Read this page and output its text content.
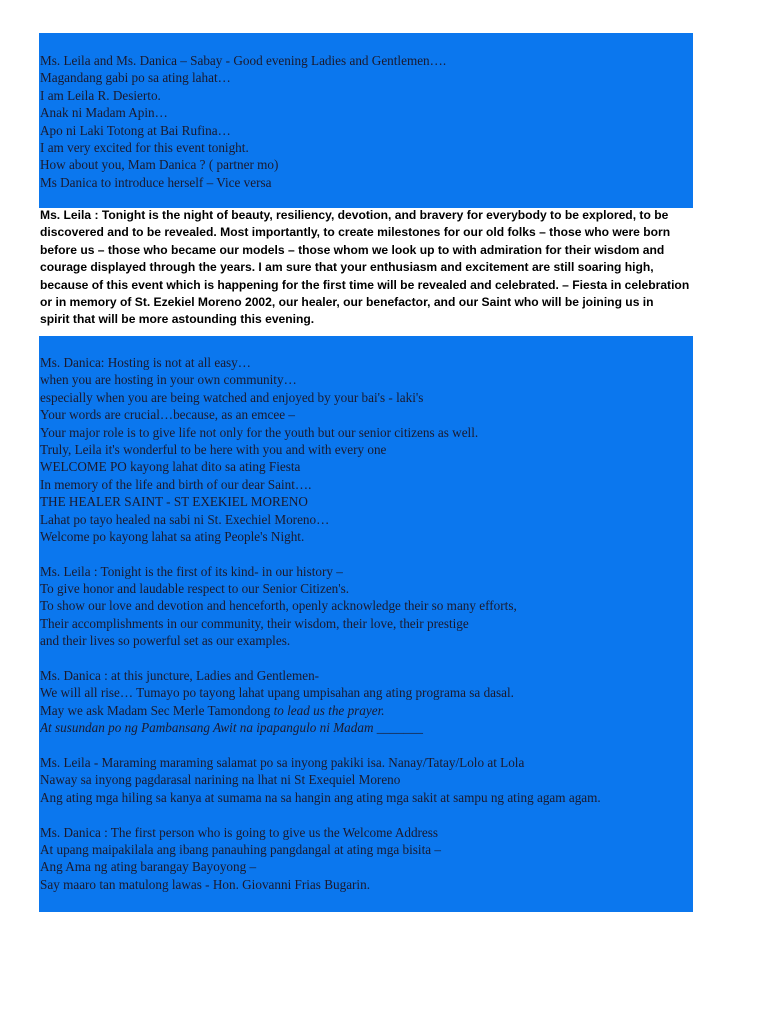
Ms. Leila and Ms. Danica – Sabay - Good evening Ladies and Gentlemen….
Magandang gabi po sa ating lahat…
I am Leila R. Desierto.
Anak ni Madam Apin…
Apo ni Laki Totong at Bai Rufina…
I am very excited for this event tonight.
How about you, Mam Danica ? ( partner mo)
Ms Danica to introduce herself – Vice versa
Ms. Leila : Tonight is the night of beauty, resiliency, devotion, and bravery for everybody to be explored, to be
discovered and to be revealed. Most importantly, to create milestones for our old folks – those who were born
before us – those who became our models – those whom we look up to with admiration for their wisdom and
courage displayed through the years. I am sure that your enthusiasm and excitement are still soaring high,
because of this event which is happening for the first time will be revealed and celebrated. – Fiesta in celebration
or in memory of St. Ezekiel Moreno 2002, our healer, our benefactor, and our Saint who will be joining us in
spirit that will be more astounding this evening.
Ms. Danica: Hosting is not at all easy…
when you are hosting in your own community…
especially when you are being watched and enjoyed by your bai's - laki's
Your words are crucial…because, as an emcee –
Your major role is to give life not only for the youth but our senior citizens as well.
Truly, Leila it's wonderful to be here with you and with every one
WELCOME PO kayong lahat dito sa ating Fiesta
In memory of the life and birth of our dear Saint….
THE HEALER SAINT - ST EXEKIEL MORENO
Lahat po tayo healed na sabi ni St. Exechiel Moreno…
Welcome po kayong lahat sa ating People's Night.
Ms. Leila : Tonight is the first of its kind- in our history –
To give honor and laudable respect to our Senior Citizen's.
To show our love and devotion and henceforth, openly acknowledge their so many efforts,
Their accomplishments in our community, their wisdom, their love, their prestige
and their lives so powerful set as our examples.
Ms. Danica : at this juncture, Ladies and Gentlemen-
We will all rise… Tumayo po tayong lahat upang umpisahan ang ating programa sa dasal.
May we ask Madam Sec Merle Tamondong to lead us the prayer.
At susundan po ng Pambansang Awit na ipapangulo ni Madam _______
Ms. Leila - Maraming maraming salamat po sa inyong pakiki isa. Nanay/Tatay/Lolo at Lola
Naway sa inyong pagdarasal narining na lhat ni St Exequiel Moreno
Ang ating mga hiling sa kanya at sumama na sa hangin ang ating mga sakit at sampu ng ating agam agam.
Ms. Danica : The first person who is going to give us the Welcome Address
At upang maipakilala ang ibang panauhing pangdangal at ating mga bisita –
Ang Ama ng ating barangay Bayoyong –
Say maaro tan matulong lawas - Hon. Giovanni Frias Bugarin.
